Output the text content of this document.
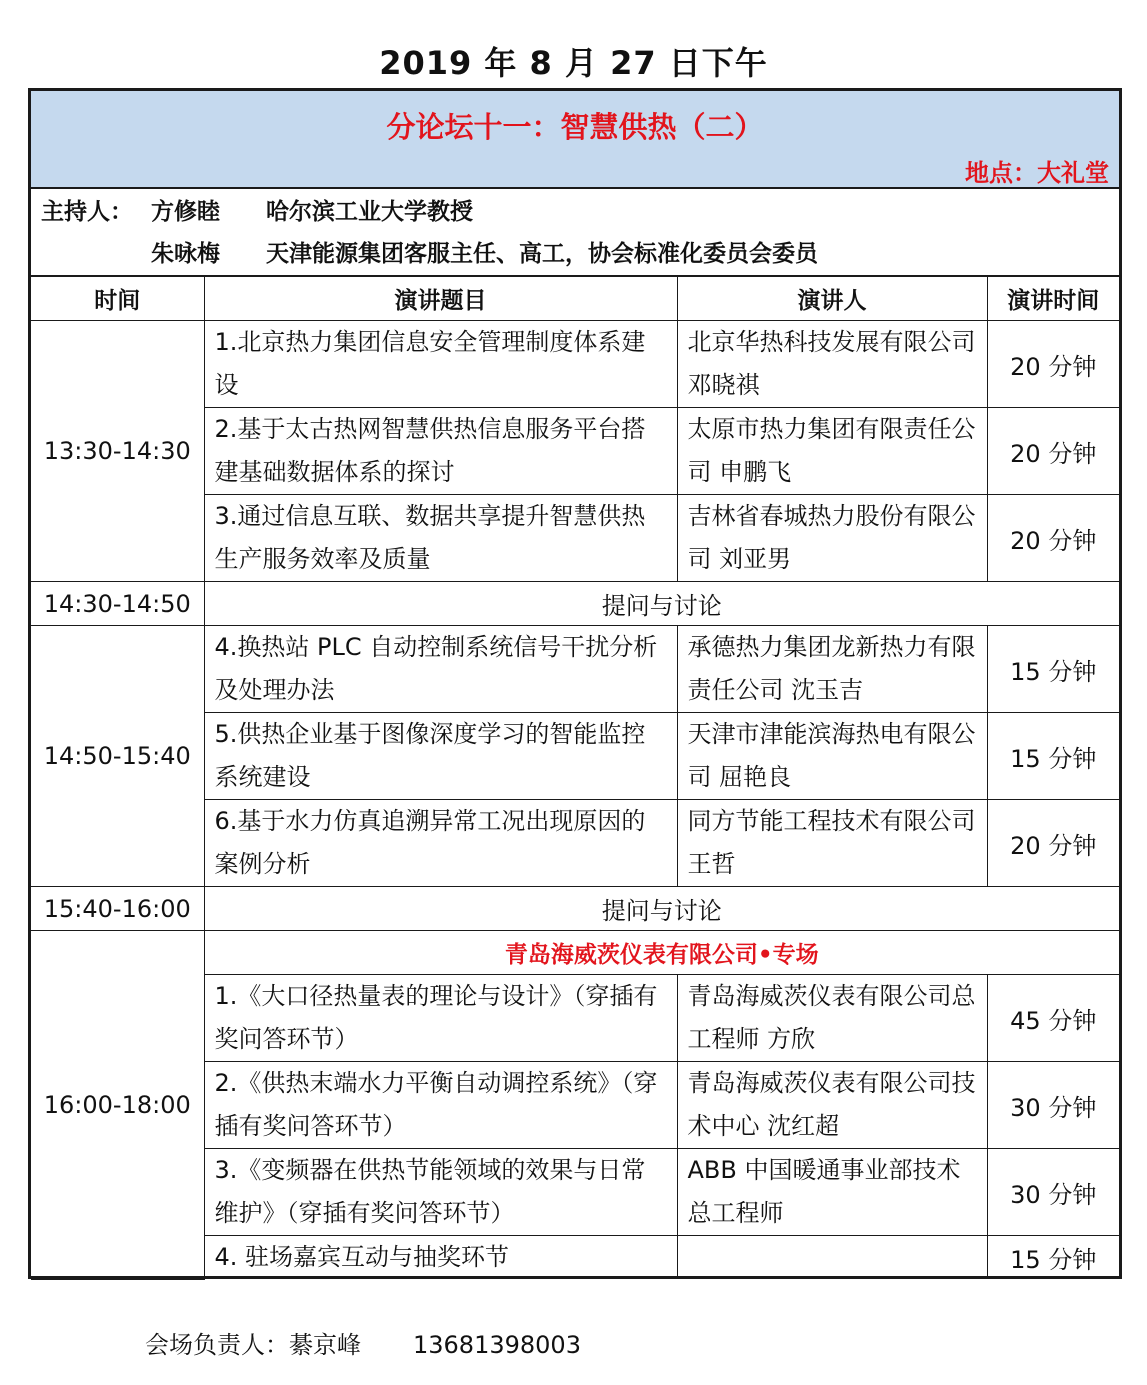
2019 年 8 月 27 日下午
分论坛十一：智慧供热（二）
地点：大礼堂
主持人： 方修睦 哈尔滨工业大学教授
朱咏梅 天津能源集团客服主任、高工，协会标准化委员会委员
时间	演讲题目	演讲人	演讲时间
13:30-14:30	1.北京热力集团信息安全管理制度体系建设	北京华热科技发展有限公司 邓晓祺	20 分钟
	2.基于太古热网智慧供热信息服务平台搭建基础数据体系的探讨	太原市热力集团有限责任公司 申鹏飞	20 分钟
	3.通过信息互联、数据共享提升智慧供热生产服务效率及质量	吉林省春城热力股份有限公司 刘亚男	20 分钟
14:30-14:50	提问与讨论		
14:50-15:40	4.换热站 PLC 自动控制系统信号干扰分析及处理办法	承德热力集团龙新热力有限责任公司 沈玉吉	15 分钟
	5.供热企业基于图像深度学习的智能监控系统建设	天津市津能滨海热电有限公司 屈艳良	15 分钟
	6.基于水力仿真追溯异常工况出现原因的案例分析	同方节能工程技术有限公司 王哲	20 分钟
15:40-16:00	提问与讨论		
16:00-18:00	青岛海威茨仪表有限公司•专场		
	1.《大口径热量表的理论与设计》（穿插有奖问答环节）	青岛海威茨仪表有限公司总工程师 方欣	45 分钟
	2.《供热末端水力平衡自动调控系统》（穿插有奖问答环节）	青岛海威茨仪表有限公司技术中心 沈红超	30 分钟
	3.《变频器在供热节能领域的效果与日常维护》（穿插有奖问答环节）	ABB 中国暖通事业部技术总工程师	30 分钟
	4. 驻场嘉宾互动与抽奖环节		15 分钟
会场负责人：綦京峰 13681398003
